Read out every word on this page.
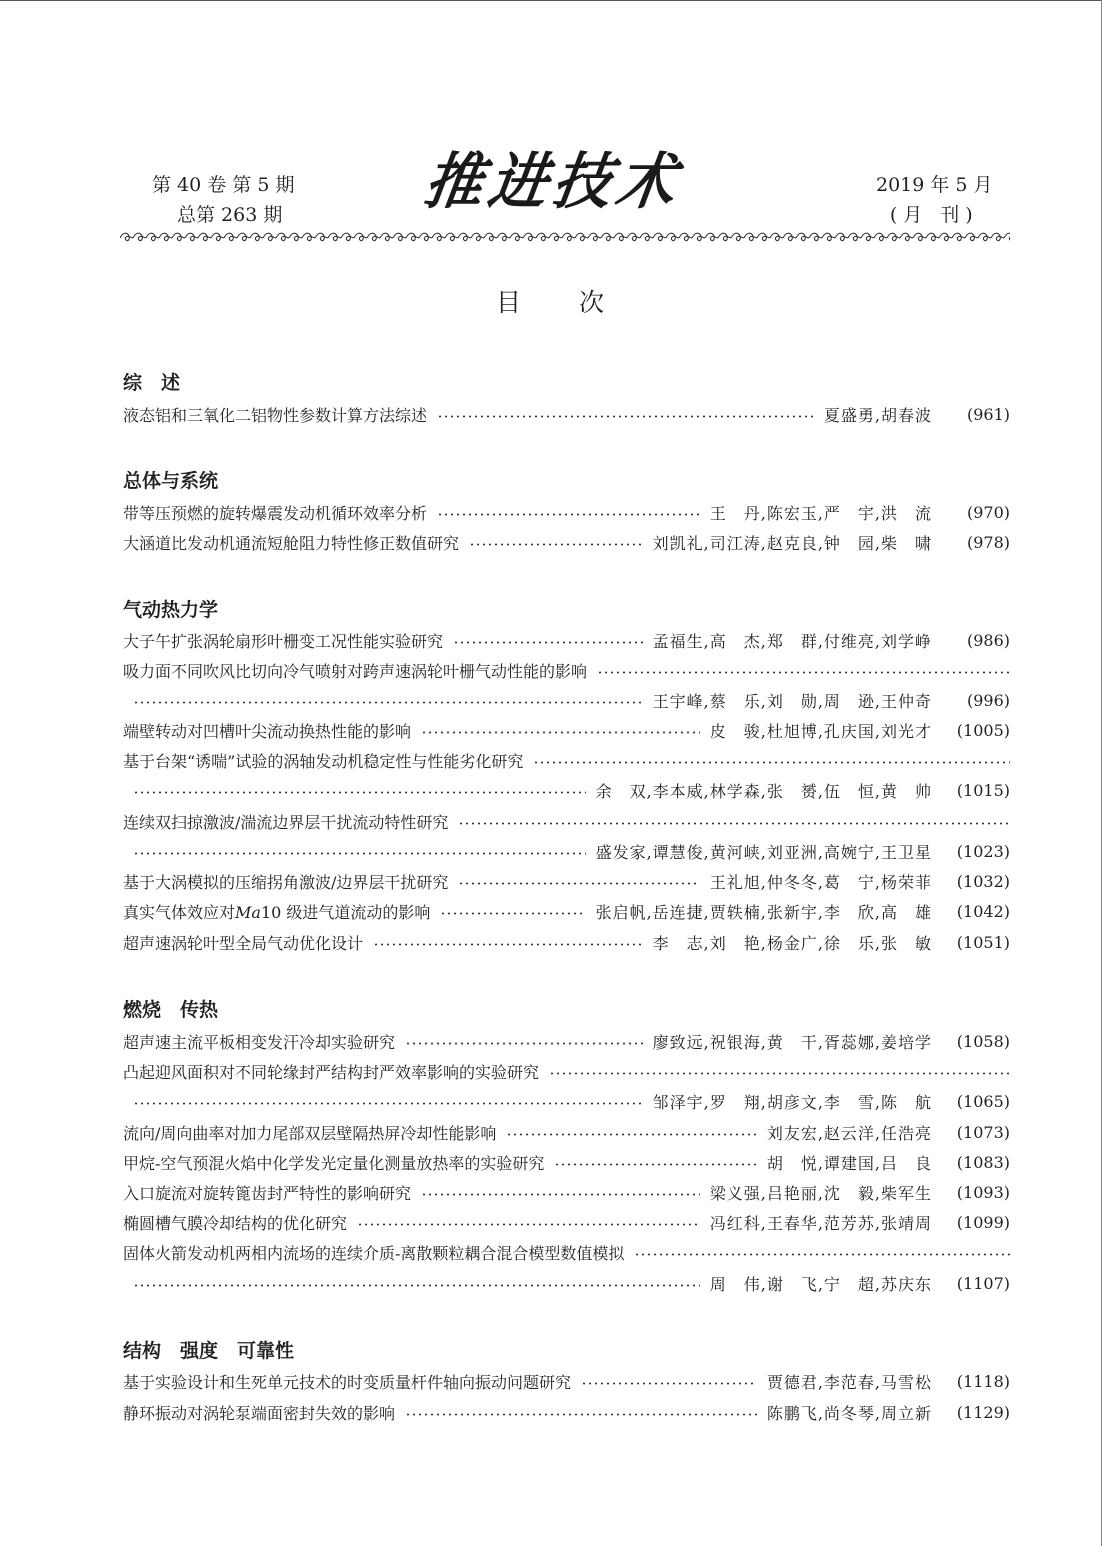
第 40 卷 第 5 期
总第 263 期 推进技术	2019 年 5 月
(月 刊)
目 次
综　述
液态铝和三氧化二铝物性参数计算方法综述	夏盛勇,胡春波	(961)
总体与系统
带等压预燃的旋转爆震发动机循环效率分析	王　丹,陈宏玉,严　宇,洪　流	(970)
大涵道比发动机通流短舱阻力特性修正数值研究	刘凯礼,司江涛,赵克良,钟　园,柴　啸	(978)
气动热力学
大子午扩张涡轮扇形叶栅变工况性能实验研究	孟福生,高　杰,郑　群,付维亮,刘学峥	(986)
吸力面不同吹风比切向冷气喷射对跨声速涡轮叶栅气动性能的影响
王宇峰,蔡　乐,刘　勋,周　逊,王仲奇	(996)
端壁转动对凹槽叶尖流动换热性能的影响	皮　骏,杜旭博,孔庆国,刘光才	(1005)
基于台架“诱喘”试验的涡轴发动机稳定性与性能劣化研究
余　双,李本威,林学森,张　赟,伍　恒,黄　帅	(1015)
连续双扫掠激波/湍流边界层干扰流动特性研究
盛发家,谭慧俊,黄河峡,刘亚洲,高婉宁,王卫星	(1023)
基于大涡模拟的压缩拐角激波/边界层干扰研究	王礼旭,仲冬冬,葛　宁,杨荣菲	(1032)
真实气体效应对Ma10 级进气道流动的影响	张启帆,岳连捷,贾轶楠,张新宇,李　欣,高　雄	(1042)
超声速涡轮叶型全局气动优化设计	李　志,刘　艳,杨金广,徐　乐,张　敏	(1051)
燃烧　传热
超声速主流平板相变发汗冷却实验研究	廖致远,祝银海,黄　干,胥蕊娜,姜培学	(1058)
凸起迎风面积对不同轮缘封严结构封严效率影响的实验研究
邹泽宇,罗　翔,胡彦文,李　雪,陈　航	(1065)
流向/周向曲率对加力尾部双层壁隔热屏冷却性能影响	刘友宏,赵云洋,任浩亮	(1073)
甲烷-空气预混火焰中化学发光定量化测量放热率的实验研究	胡　悦,谭建国,吕　良	(1083)
入口旋流对旋转篦齿封严特性的影响研究	梁义强,吕艳丽,沈　毅,柴军生	(1093)
椭圆槽气膜冷却结构的优化研究	冯红科,王春华,范芳苏,张靖周	(1099)
固体火箭发动机两相内流场的连续介质-离散颗粒耦合混合模型数值模拟
周　伟,谢　飞,宁　超,苏庆东	(1107)
结构　强度　可靠性
基于实验设计和生死单元技术的时变质量杆件轴向振动问题研究	贾德君,李范春,马雪松	(1118)
静环振动对涡轮泵端面密封失效的影响	陈鹏飞,尚冬琴,周立新	(1129)
